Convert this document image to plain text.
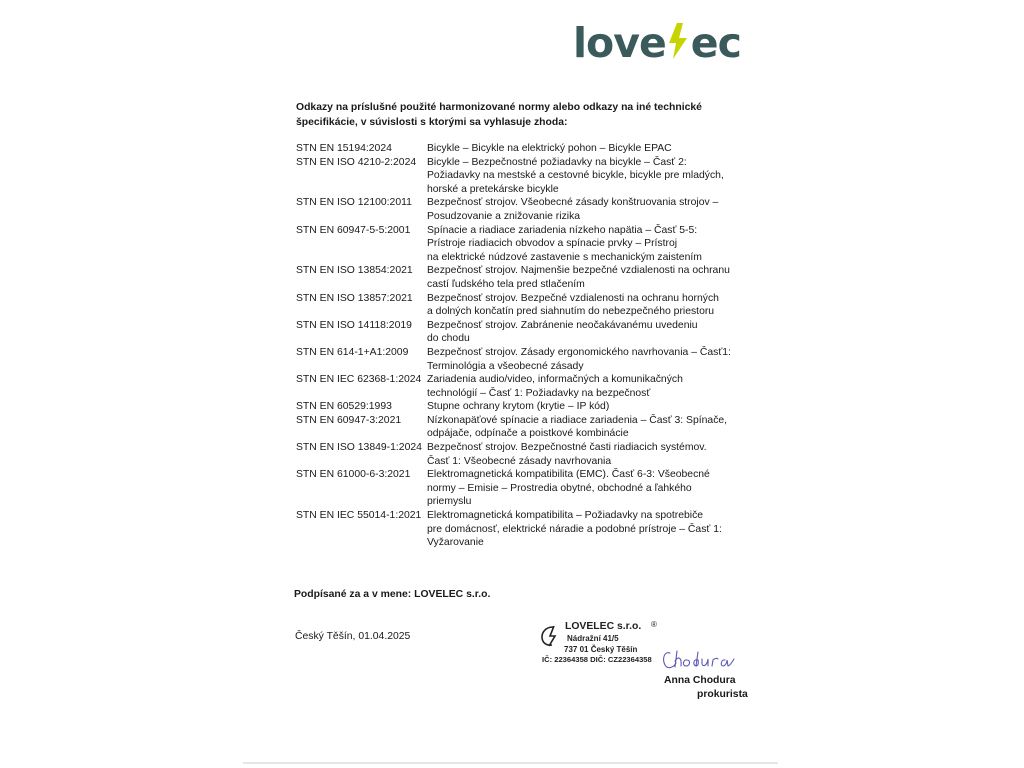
love ec
Odkazy na príslušné použité harmonizované normy alebo odkazy na iné technické špecifikácie, v súvislosti s ktorými sa vyhlasuje zhoda:
STN EN 15194:2024	Bicykle – Bicykle na elektrický pohon – Bicykle EPAC
STN EN ISO 4210-2:2024	Bicykle – Bezpečnostné požiadavky na bicykle – Časť 2:
Požiadavky na mestské a cestovné bicykle, bicykle pre mladých,
horské a pretekárske bicykle
STN EN ISO 12100:2011	Bezpečnosť strojov. Všeobecné zásady konštruovania strojov –
Posudzovanie a znižovanie rizika
STN EN 60947-5-5:2001	Spínacie a riadiace zariadenia nízkeho napätia – Časť 5-5:
Prístroje riadiacich obvodov a spínacie prvky – Prístroj
na elektrické núdzové zastavenie s mechanickým zaistením
STN EN ISO 13854:2021	Bezpečnosť strojov. Najmenšie bezpečné vzdialenosti na ochranu
castí ľudského tela pred stlačením
STN EN ISO 13857:2021	Bezpečnosť strojov. Bezpečné vzdialenosti na ochranu horných
a dolných končatín pred siahnutím do nebezpečného priestoru
STN EN ISO 14118:2019	Bezpečnosť strojov. Zabránenie neočakávanému uvedeniu
do chodu
STN EN 614-1+A1:2009	Bezpečnosť strojov. Zásady ergonomického navrhovania – Časť1:
Terminológia a všeobecné zásady
STN EN IEC 62368-1:2024 Zariadenia audio/video, informačných a komunikačných
technológií – Časť 1: Požiadavky na bezpečnosť
STN EN 60529:1993	Stupne ochrany krytom (krytie – IP kód)
STN EN 60947-3:2021	Nízkonapäťové spínacie a riadiace zariadenia – Časť 3: Spínače,
odpájače, odpínače a poistkové kombinácie
STN EN ISO 13849-1:2024 Bezpečnosť strojov. Bezpečnostné časti riadiacich systémov.
Časť 1: Všeobecné zásady navrhovania
STN EN 61000-6-3:2021	Elektromagnetická kompatibilita (EMC). Časť 6-3: Všeobecné
normy – Emisie – Prostredia obytné, obchodné a ľahkého
priemyslu
STN EN IEC 55014-1:2021 Elektromagnetická kompatibilita – Požiadavky na spotrebiče
pre domácnosť, elektrické náradie a podobné prístroje – Časť 1:
Vyžarovanie
Podpísané za a v mene: LOVELEC s.r.o.
Český Těšín, 01.04.2025
LOVELEC s.r.o. ®
Nádražní 41/5
737 01 Český Těšín
IČ: 22364358 DIČ: CZ22364358
Anna Chodura
prokurista
